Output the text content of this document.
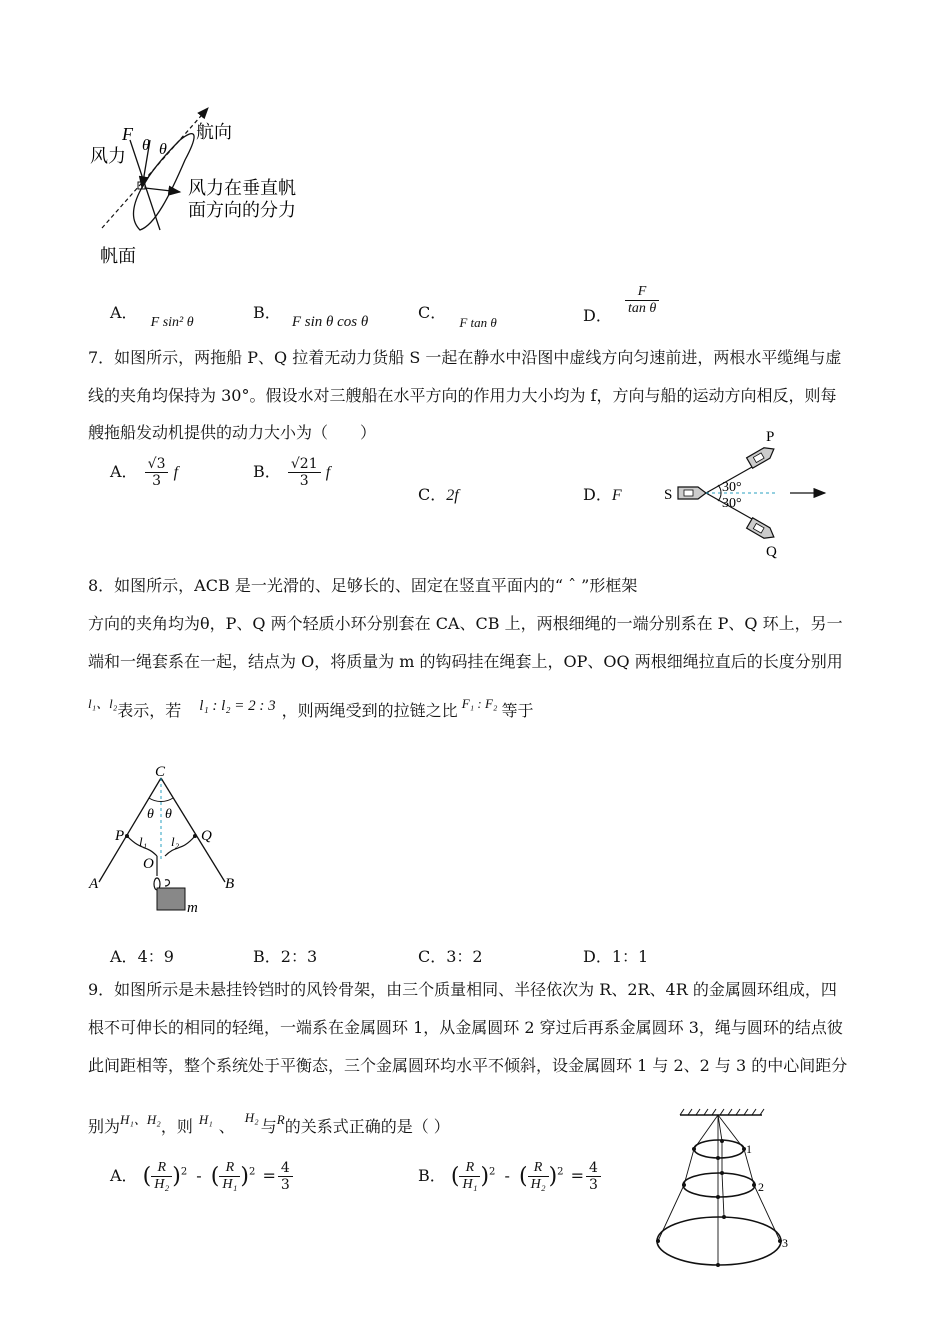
F
θ θ
风力
航向
风力在垂直帆
面方向的分力
帆面
A． F sin² θ
B． F sin θ cos θ	C． $_{F tan \theta}$	D． $\frac{F}{\text{tan θ}}$
7．如图所示，两拖船 P、Q 拉着无动力货船 S 一起在静水中沿图中虚线方向匀速前进，两根水平缆绳与虚
线的夹角均保持为 30°。假设水对三艘船在水平方向的作用力大小均为 f，方向与船的运动方向相反，则每
艘拖船发动机提供的动力大小为（　　）
A． $\frac{√3}{3}$ f	B． $\frac{√21}{3}$ f
C．2f	D．F
P
Q
S	30°
30°
8．如图所示，ACB 是一光滑的、足够长的、固定在竖直平面内的“ ˆ ”形框架
方向的夹角均为θ，P、Q 两个轻质小环分别套在 CA、CB 上，两根细绳的一端分别系在 P、Q 环上，另一
端和一绳套系在一起，结点为 O，将质量为 m 的钩码挂在绳套上，OP、OQ 两根细绳拉直后的长度分别用
$^{l_1、l_2}$表示，若 l₁ : l₂ = 2 : 3 ，则两绳受到的拉链之比 $^{F_1 : F_2}$ 等于
C
θ θ
P	Q
l₁ l₂
O
A	B
m
A．4：9	B．2：3	C．3：2	D．1：1
9．如图所示是未悬挂铃铛时的风铃骨架，由三个质量相同、半径依次为 R、2R、4R 的金属圆环组成，四
根不可伸长的相同的轻绳，一端系在金属圆环 1，从金属圆环 2 穿过后再系金属圆环 3，绳与圆环的结点彼
此间距相等，整个系统处于平衡态，三个金属圆环均水平不倾斜，设金属圆环 1 与 2、2 与 3 的中心间距分
别为$^{H_1、H_2}$，则 $^{H_1}$ 、 $^{H_2}$ 与$^R$的关系式正确的是（ ）
A． ( $\frac{R}{\text{H₂}} )^2$ - ( $\frac{R}{\text{H₁}} )^2 = \frac{4}{3}$	B． ( $\frac{R}{\text{H₁}} )^2$ - ( $\frac{R}{\text{H₂}} )^2 = \frac{4}{3}$
1
2
3
